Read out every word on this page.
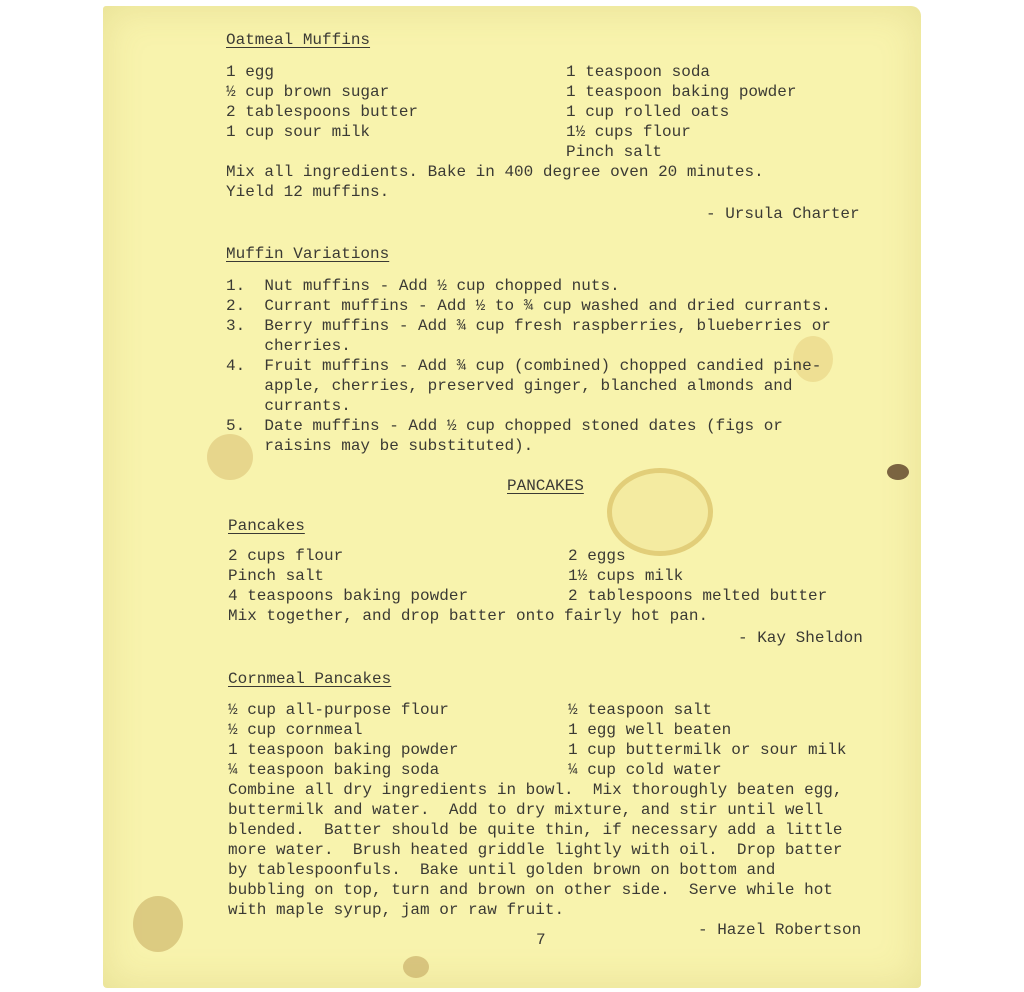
Oatmeal Muffins
1 egg
½ cup brown sugar
2 tablespoons butter
1 cup sour milk
1 teaspoon soda
1 teaspoon baking powder
1 cup rolled oats
1½ cups flour
Pinch salt
Mix all ingredients. Bake in 400 degree oven 20 minutes.
Yield 12 muffins.
- Ursula Charter
Muffin Variations
1.  Nut muffins - Add ½ cup chopped nuts.
2.  Currant muffins - Add ½ to ¾ cup washed and dried currants.
3.  Berry muffins - Add ¾ cup fresh raspberries, blueberries or
cherries.
4.  Fruit muffins - Add ¾ cup (combined) chopped candied pine-
apple, cherries, preserved ginger, blanched almonds and
currants.
5.  Date muffins - Add ½ cup chopped stoned dates (figs or
raisins may be substituted).
PANCAKES
Pancakes
2 cups flour
Pinch salt
4 teaspoons baking powder
2 eggs
1½ cups milk
2 tablespoons melted butter
Mix together, and drop batter onto fairly hot pan.
- Kay Sheldon
Cornmeal Pancakes
½ cup all-purpose flour
½ cup cornmeal
1 teaspoon baking powder
¼ teaspoon baking soda
½ teaspoon salt
1 egg well beaten
1 cup buttermilk or sour milk
¼ cup cold water
Combine all dry ingredients in bowl.  Mix thoroughly beaten egg,
buttermilk and water.  Add to dry mixture, and stir until well
blended.  Batter should be quite thin, if necessary add a little
more water.  Brush heated griddle lightly with oil.  Drop batter
by tablespoonfuls.  Bake until golden brown on bottom and
bubbling on top, turn and brown on other side.  Serve while hot
with maple syrup, jam or raw fruit.
- Hazel Robertson
7
